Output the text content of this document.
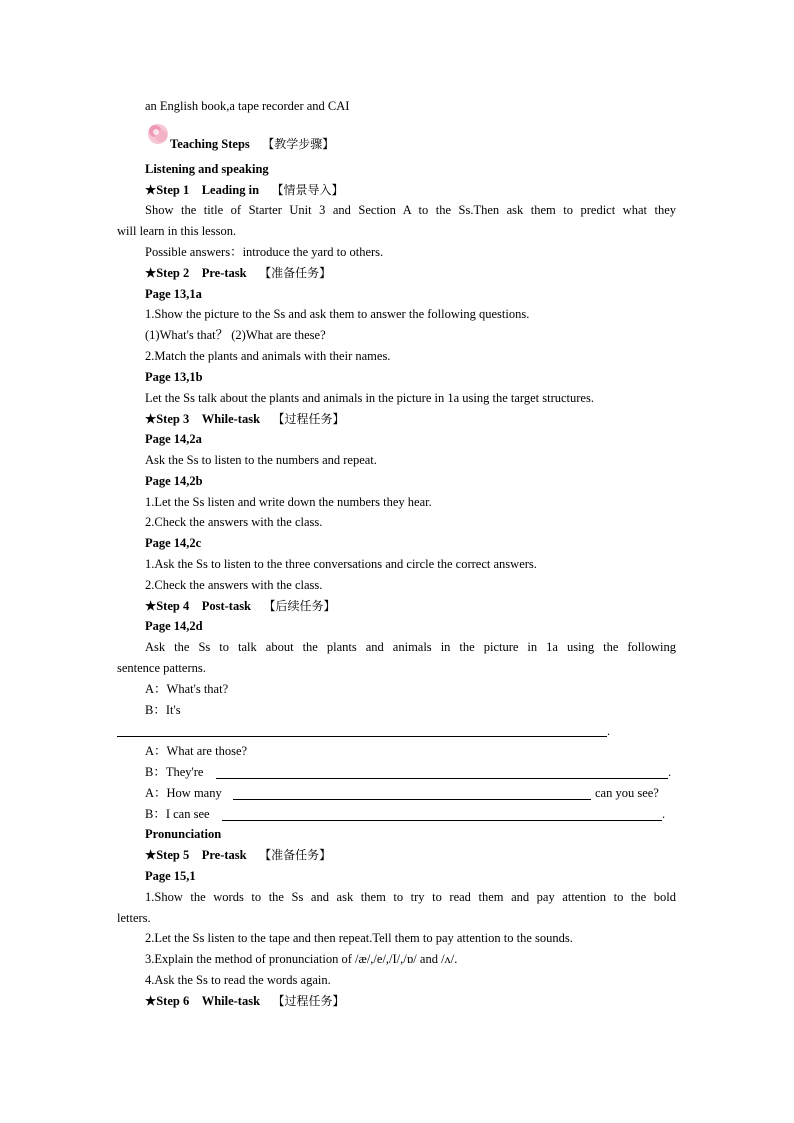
an English book,a tape recorder and CAI
Teaching Steps 【教学步骤】
Listening and speaking
★Step 1 Leading in 【情景导入】
Show the title of Starter Unit 3 and Section A to the Ss.Then ask them to predict what they
will learn in this lesson.
Possible answers：introduce the yard to others.
★Step 2 Pre-task 【准备任务】
Page 13,1a
1.Show the picture to the Ss and ask them to answer the following questions.
(1)What's that？ (2)What are these?
2.Match the plants and animals with their names.
Page 13,1b
Let the Ss talk about the plants and animals in the picture in 1a using the target structures.
★Step 3 While-task 【过程任务】
Page 14,2a
Ask the Ss to listen to the numbers and repeat.
Page 14,2b
1.Let the Ss listen and write down the numbers they hear.
2.Check the answers with the class.
Page 14,2c
1.Ask the Ss to listen to the three conversations and circle the correct answers.
2.Check the answers with the class.
★Step 4 Post-task 【后续任务】
Page 14,2d
Ask the Ss to talk about the plants and animals in the picture in 1a using the following
sentence patterns.
A：What's that?
B：It's
.
A：What are those?
B：They're	.
A：How many	can you see?
B：I can see	.
Pronunciation
★Step 5 Pre-task 【准备任务】
Page 15,1
1.Show the words to the Ss and ask them to try to read them and pay attention to the bold
letters.
2.Let the Ss listen to the tape and then repeat.Tell them to pay attention to the sounds.
3.Explain the method of pronunciation of /æ/,/e/,/I/,/ɒ/ and /ʌ/.
4.Ask the Ss to read the words again.
★Step 6 While-task 【过程任务】
